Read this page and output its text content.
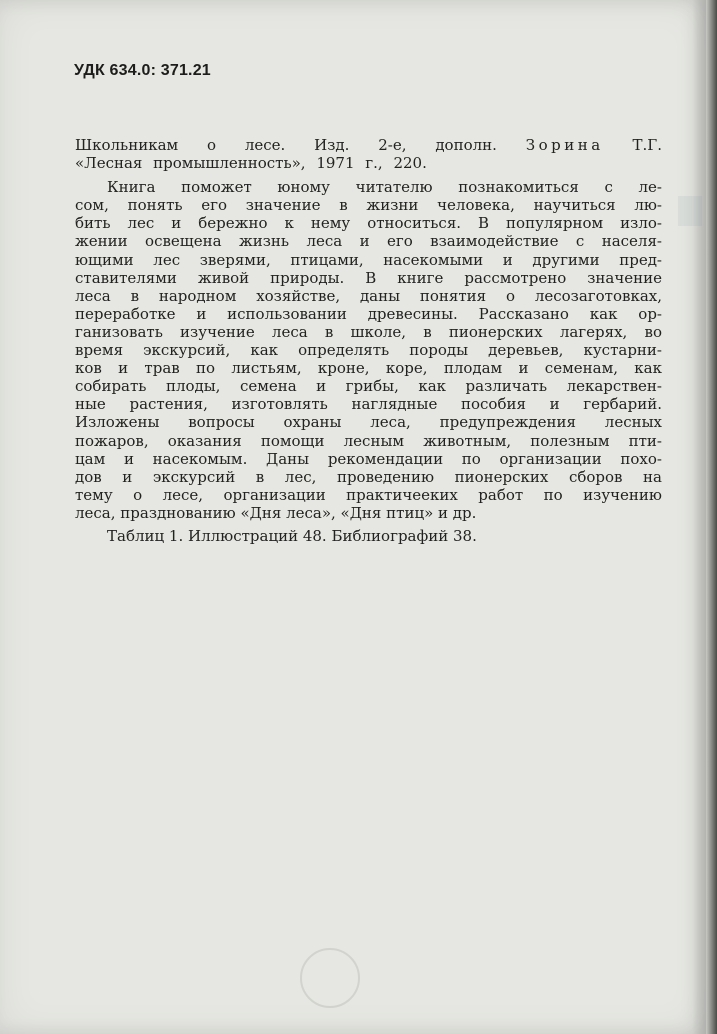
УДК 634.0: 371.21
Школьникам о лесе. Изд. 2-е, дополн. Зорина Т.Г.
«Лесная промышленность», 1971 г., 220.
Книга поможет юному читателю познакомиться с ле-
сом, понять его значение в жизни человека, научиться лю-
бить лес и бережно к нему относиться. В популярном изло-
жении освещена жизнь леса и его взаимодействие с населя-
ющими лес зверями, птицами, насекомыми и другими пред-
ставителями живой природы. В книге рассмотрено значение
леса в народном хозяйстве, даны понятия о лесозаготовках,
переработке и использовании древесины. Рассказано как ор-
ганизовать изучение леса в школе, в пионерских лагерях, во
время экскурсий, как определять породы деревьев, кустарни-
ков и трав по листьям, кроне, коре, плодам и семенам, как
собирать плоды, семена и грибы, как различать лекарствен-
ные растения, изготовлять наглядные пособия и гербарий.
Изложены вопросы охраны леса, предупреждения лесных
пожаров, оказания помощи лесным животным, полезным пти-
цам и насекомым. Даны рекомендации по организации похо-
дов и экскурсий в лес, проведению пионерских сборов на
тему о лесе, организации практичееких работ по изучению
леса, празднованию «Дня леса», «Дня птиц» и др.
Таблиц 1. Иллюстраций 48. Библиографий 38.
